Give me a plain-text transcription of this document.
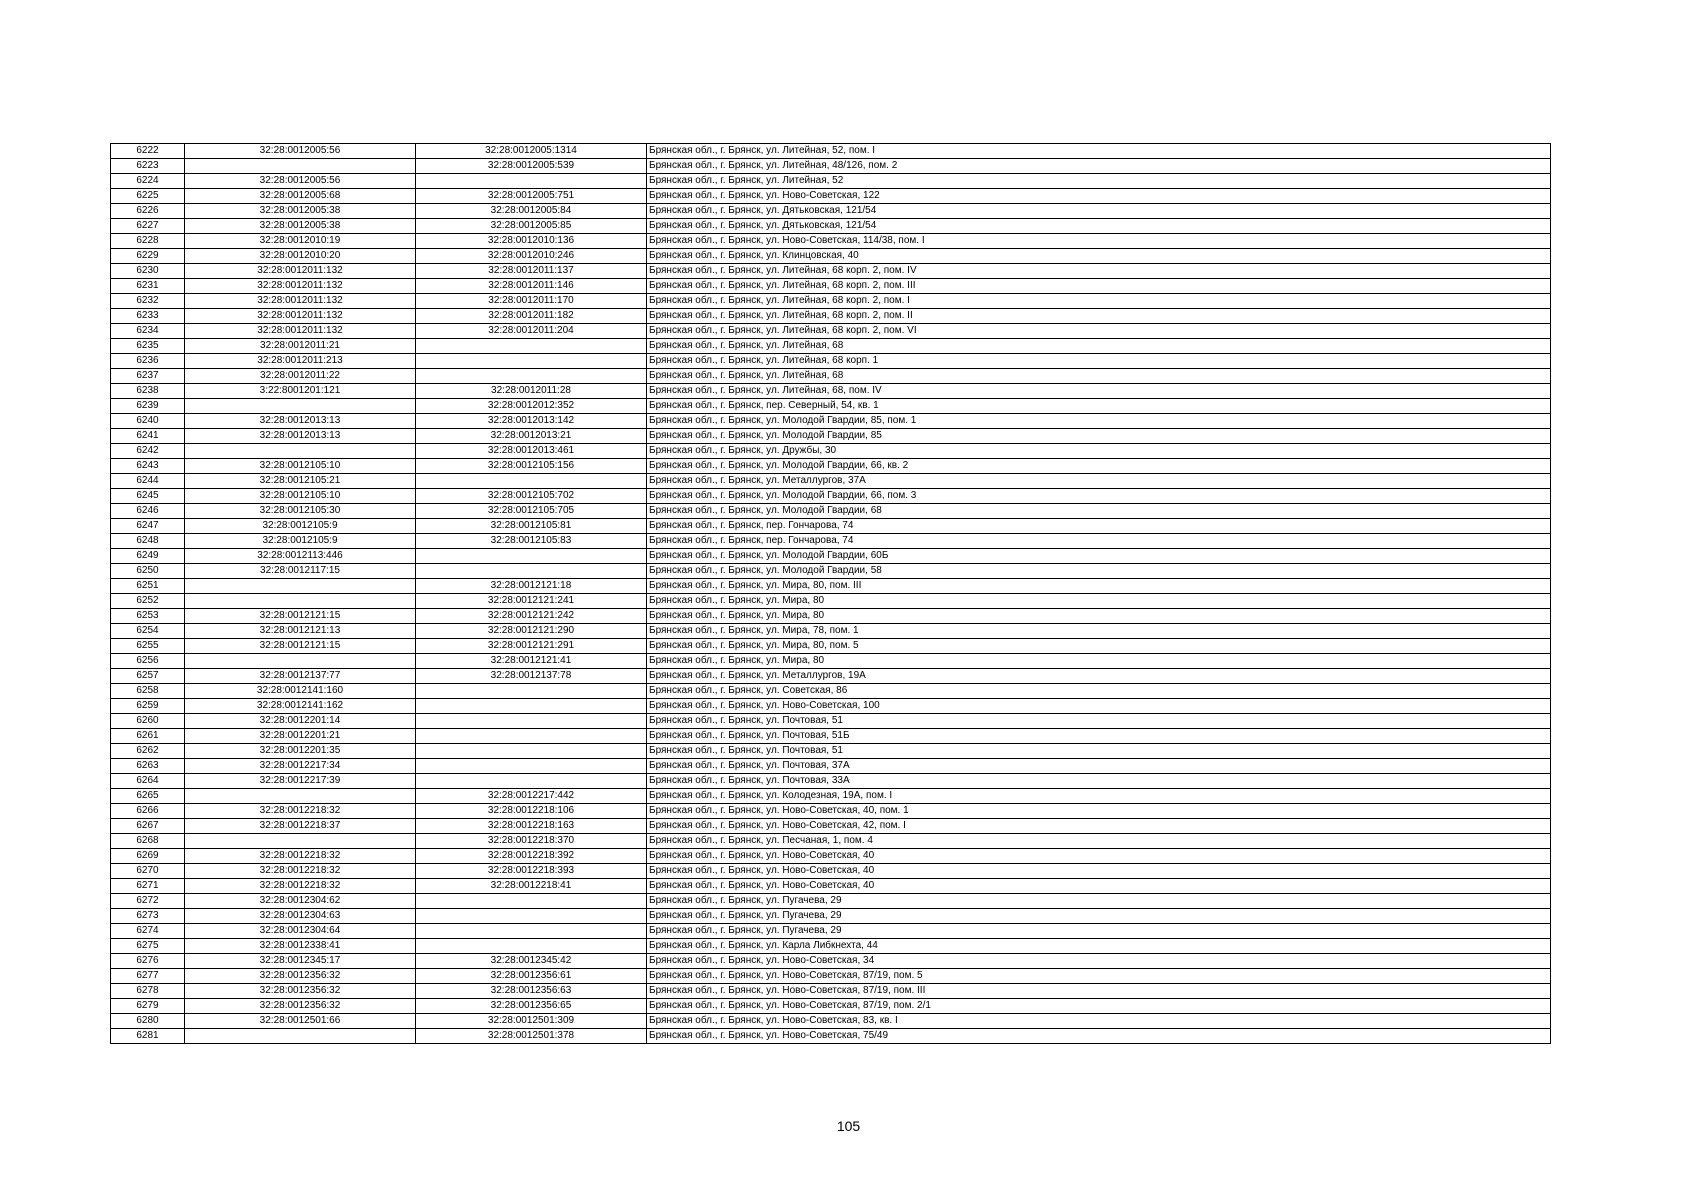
6222	32:28:0012005:56	32:28:0012005:1314	Брянская обл., г. Брянск, ул. Литейная, 52, пом. I
6223		32:28:0012005:539	Брянская обл., г. Брянск, ул. Литейная, 48/126, пом. 2
6224	32:28:0012005:56		Брянская обл., г. Брянск, ул. Литейная, 52
6225	32:28:0012005:68	32:28:0012005:751	Брянская обл., г. Брянск, ул. Ново-Советская, 122
6226	32:28:0012005:38	32:28:0012005:84	Брянская обл., г. Брянск, ул. Дятьковская, 121/54
6227	32:28:0012005:38	32:28:0012005:85	Брянская обл., г. Брянск, ул. Дятьковская, 121/54
6228	32:28:0012010:19	32:28:0012010:136	Брянская обл., г. Брянск, ул. Ново-Советская, 114/38, пом. I
6229	32:28:0012010:20	32:28:0012010:246	Брянская обл., г. Брянск, ул. Клинцовская, 40
6230	32:28:0012011:132	32:28:0012011:137	Брянская обл., г. Брянск, ул. Литейная, 68 корп. 2, пом. IV
6231	32:28:0012011:132	32:28:0012011:146	Брянская обл., г. Брянск, ул. Литейная, 68 корп. 2, пом. III
6232	32:28:0012011:132	32:28:0012011:170	Брянская обл., г. Брянск, ул. Литейная, 68 корп. 2, пом. I
6233	32:28:0012011:132	32:28:0012011:182	Брянская обл., г. Брянск, ул. Литейная, 68 корп. 2, пом. II
6234	32:28:0012011:132	32:28:0012011:204	Брянская обл., г. Брянск, ул. Литейная, 68 корп. 2, пом. VI
6235	32:28:0012011:21		Брянская обл., г. Брянск, ул. Литейная, 68
6236	32:28:0012011:213		Брянская обл., г. Брянск, ул. Литейная, 68 корп. 1
6237	32:28:0012011:22		Брянская обл., г. Брянск, ул. Литейная, 68
6238	3:22:8001201:121	32:28:0012011:28	Брянская обл., г. Брянск, ул. Литейная, 68, пом. IV
6239		32:28:0012012:352	Брянская обл., г. Брянск, пер. Северный, 54, кв. 1
6240	32:28:0012013:13	32:28:0012013:142	Брянская обл., г. Брянск, ул. Молодой Гвардии, 85, пом. 1
6241	32:28:0012013:13	32:28:0012013:21	Брянская обл., г. Брянск, ул. Молодой Гвардии, 85
6242		32:28:0012013:461	Брянская обл., г. Брянск, ул. Дружбы, 30
6243	32:28:0012105:10	32:28:0012105:156	Брянская обл., г. Брянск, ул. Молодой Гвардии, 66, кв. 2
6244	32:28:0012105:21		Брянская обл., г. Брянск, ул. Металлургов, 37А
6245	32:28:0012105:10	32:28:0012105:702	Брянская обл., г. Брянск, ул. Молодой Гвардии, 66, пом. 3
6246	32:28:0012105:30	32:28:0012105:705	Брянская обл., г. Брянск, ул. Молодой Гвардии, 68
6247	32:28:0012105:9	32:28:0012105:81	Брянская обл., г. Брянск, пер. Гончарова, 74
6248	32:28:0012105:9	32:28:0012105:83	Брянская обл., г. Брянск, пер. Гончарова, 74
6249	32:28:0012113:446		Брянская обл., г. Брянск, ул. Молодой Гвардии, 60Б
6250	32:28:0012117:15		Брянская обл., г. Брянск, ул. Молодой Гвардии, 58
6251		32:28:0012121:18	Брянская обл., г. Брянск, ул. Мира, 80, пом. III
6252		32:28:0012121:241	Брянская обл., г. Брянск, ул. Мира, 80
6253	32:28:0012121:15	32:28:0012121:242	Брянская обл., г. Брянск, ул. Мира, 80
6254	32:28:0012121:13	32:28:0012121:290	Брянская обл., г. Брянск, ул. Мира, 78, пом. 1
6255	32:28:0012121:15	32:28:0012121:291	Брянская обл., г. Брянск, ул. Мира, 80, пом. 5
6256		32:28:0012121:41	Брянская обл., г. Брянск, ул. Мира, 80
6257	32:28:0012137:77	32:28:0012137:78	Брянская обл., г. Брянск, ул. Металлургов, 19А
6258	32:28:0012141:160		Брянская обл., г. Брянск, ул. Советская, 86
6259	32:28:0012141:162		Брянская обл., г. Брянск, ул. Ново-Советская, 100
6260	32:28:0012201:14		Брянская обл., г. Брянск, ул. Почтовая, 51
6261	32:28:0012201:21		Брянская обл., г. Брянск, ул. Почтовая, 51Б
6262	32:28:0012201:35		Брянская обл., г. Брянск, ул. Почтовая, 51
6263	32:28:0012217:34		Брянская обл., г. Брянск, ул. Почтовая, 37А
6264	32:28:0012217:39		Брянская обл., г. Брянск, ул. Почтовая, 33А
6265		32:28:0012217:442	Брянская обл., г. Брянск, ул. Колодезная, 19А, пом. I
6266	32:28:0012218:32	32:28:0012218:106	Брянская обл., г. Брянск, ул. Ново-Советская, 40, пом. 1
6267	32:28:0012218:37	32:28:0012218:163	Брянская обл., г. Брянск, ул. Ново-Советская, 42, пом. I
6268		32:28:0012218:370	Брянская обл., г. Брянск, ул. Песчаная, 1, пом. 4
6269	32:28:0012218:32	32:28:0012218:392	Брянская обл., г. Брянск, ул. Ново-Советская, 40
6270	32:28:0012218:32	32:28:0012218:393	Брянская обл., г. Брянск, ул. Ново-Советская, 40
6271	32:28:0012218:32	32:28:0012218:41	Брянская обл., г. Брянск, ул. Ново-Советская, 40
6272	32:28:0012304:62		Брянская обл., г. Брянск, ул. Пугачева, 29
6273	32:28:0012304:63		Брянская обл., г. Брянск, ул. Пугачева, 29
6274	32:28:0012304:64		Брянская обл., г. Брянск, ул. Пугачева, 29
6275	32:28:0012338:41		Брянская обл., г. Брянск, ул. Карла Либкнехта, 44
6276	32:28:0012345:17	32:28:0012345:42	Брянская обл., г. Брянск, ул. Ново-Советская, 34
6277	32:28:0012356:32	32:28:0012356:61	Брянская обл., г. Брянск, ул. Ново-Советская, 87/19, пом. 5
6278	32:28:0012356:32	32:28:0012356:63	Брянская обл., г. Брянск, ул. Ново-Советская, 87/19, пом. III
6279	32:28:0012356:32	32:28:0012356:65	Брянская обл., г. Брянск, ул. Ново-Советская, 87/19, пом. 2/1
6280	32:28:0012501:66	32:28:0012501:309	Брянская обл., г. Брянск, ул. Ново-Советская, 83, кв. I
6281		32:28:0012501:378	Брянская обл., г. Брянск, ул. Ново-Советская, 75/49
105
